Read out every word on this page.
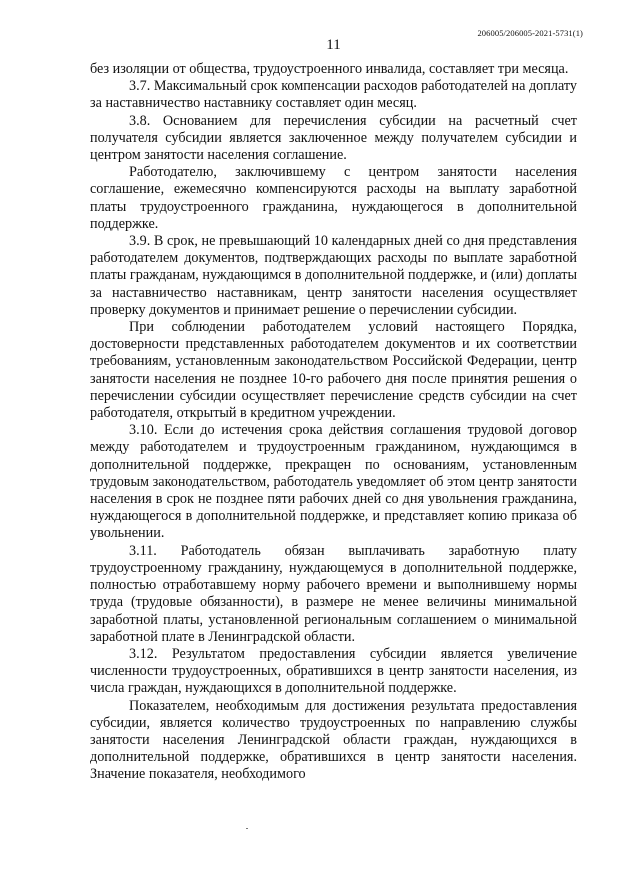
206005/206005-2021-5731(1)
11

без изоляции от общества, трудоустроенного инвалида, составляет три месяца.

3.7. Максимальный срок компенсации расходов работодателей на доплату за наставничество наставнику составляет один месяц.

3.8. Основанием для перечисления субсидии на расчетный счет получателя субсидии является заключенное между получателем субсидии и центром занятости населения соглашение.

Работодателю, заключившему с центром занятости населения соглашение, ежемесячно компенсируются расходы на выплату заработной платы трудоустроенного гражданина, нуждающегося в дополнительной поддержке.

3.9. В срок, не превышающий 10 календарных дней со дня представления работодателем документов, подтверждающих расходы по выплате заработной платы гражданам, нуждающимся в дополнительной поддержке, и (или) доплаты за наставничество наставникам, центр занятости населения осуществляет проверку документов и принимает решение о перечислении субсидии.

При соблюдении работодателем условий настоящего Порядка, достоверности представленных работодателем документов и их соответствии требованиям, установленным законодательством Российской Федерации, центр занятости населения не позднее 10-го рабочего дня после принятия решения о перечислении субсидии осуществляет перечисление средств субсидии на счет работодателя, открытый в кредитном учреждении.

3.10. Если до истечения срока действия соглашения трудовой договор между работодателем и трудоустроенным гражданином, нуждающимся в дополнительной поддержке, прекращен по основаниям, установленным трудовым законодательством, работодатель уведомляет об этом центр занятости населения в срок не позднее пяти рабочих дней со дня увольнения гражданина, нуждающегося в дополнительной поддержке, и представляет копию приказа об увольнении.

3.11. Работодатель обязан выплачивать заработную плату трудоустроенному гражданину, нуждающемуся в дополнительной поддержке, полностью отработавшему норму рабочего времени и выполнившему нормы труда (трудовые обязанности), в размере не менее величины минимальной заработной платы, установленной региональным соглашением о минимальной заработной плате в Ленинградской области.

3.12. Результатом предоставления субсидии является увеличение численности трудоустроенных, обратившихся в центр занятости населения, из числа граждан, нуждающихся в дополнительной поддержке.

Показателем, необходимым для достижения результата предоставления субсидии, является количество трудоустроенных по направлению службы занятости населения Ленинградской области граждан, нуждающихся в дополнительной поддержке, обратившихся в центр занятости населения. Значение показателя, необходимого
